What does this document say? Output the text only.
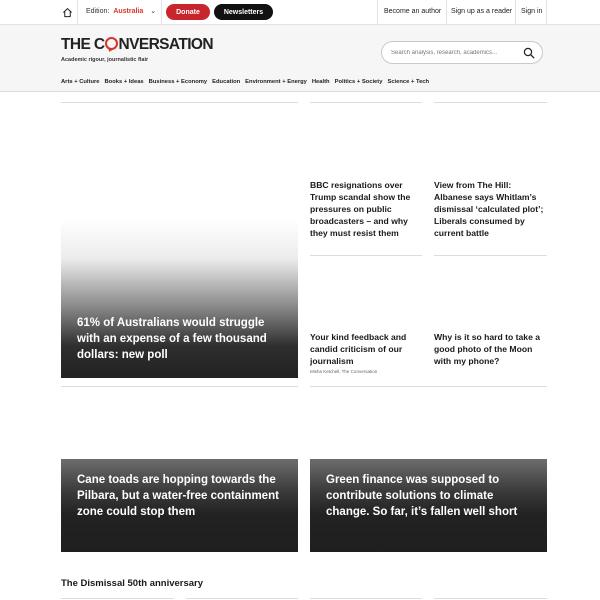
Edition: Australia ⌄	Donate	Newsletters	Become an author Sign up as a reader Sign in
THE C NVERSATION
Academic rigour, journalistic flair
Search analysis, research, academics...
Arts + Culture Books + Ideas Business + Economy Education Environment + Energy Health Politics + Society Science + Tech
61% of Australians would struggle with an expense of a few thousand dollars: new poll
BBC resignations over Trump scandal show the pressures on public broadcasters – and why they must resist them
View from The Hill: Albanese says Whitlam’s dismissal ‘calculated plot’; Liberals consumed by current battle
Your kind feedback and candid criticism of our journalism
Misha Ketchell, The Conversation
Why is it so hard to take a good photo of the Moon with my phone?
Cane toads are hopping towards the Pilbara, but a water-free containment zone could stop them
Green finance was supposed to contribute solutions to climate change. So far, it’s fallen well short
The Dismissal 50th anniversary
